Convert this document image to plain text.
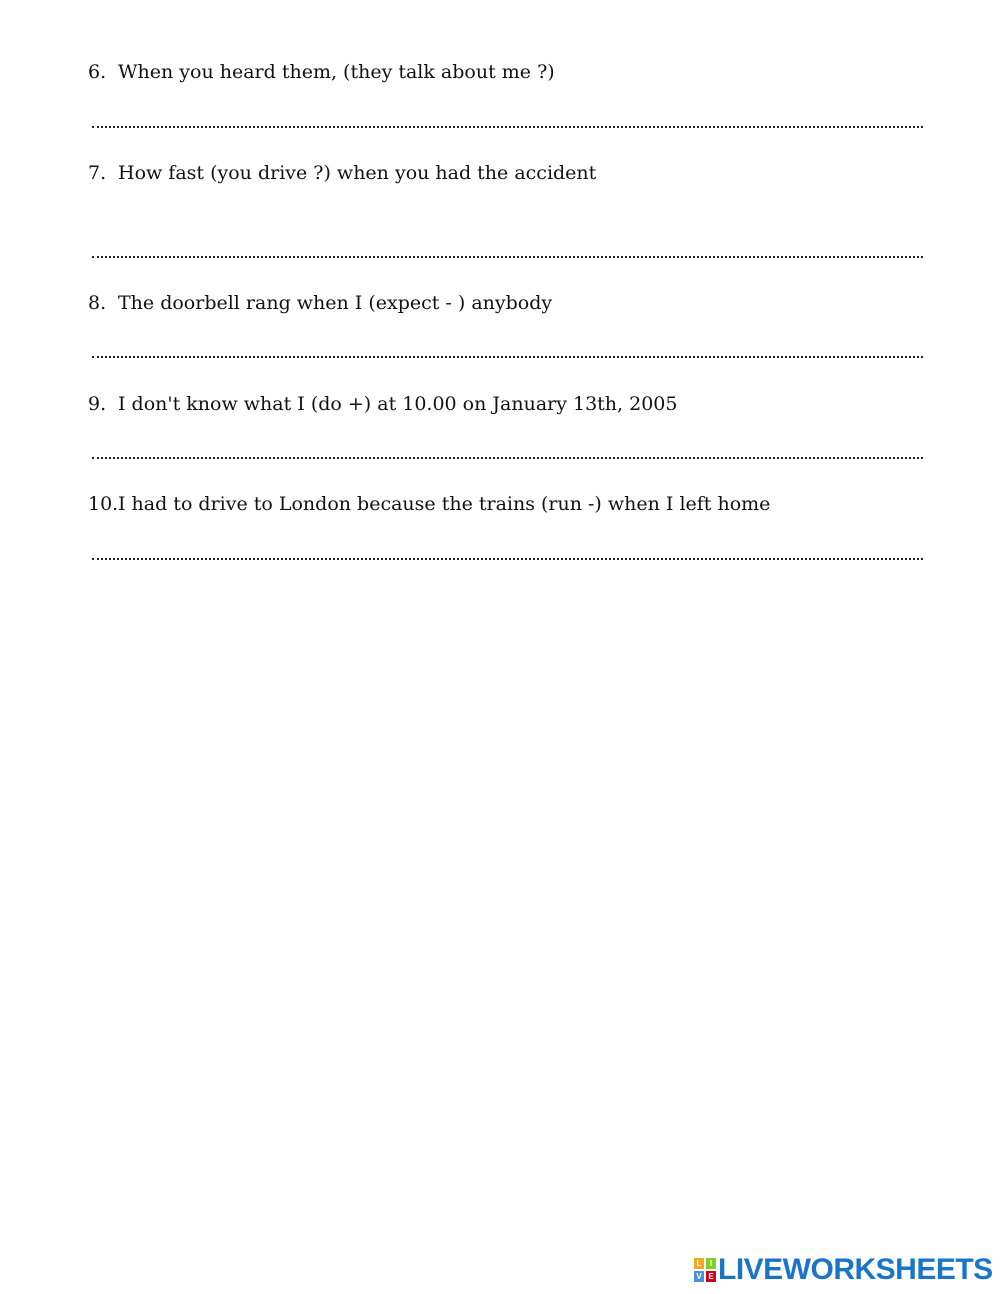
6. When you heard them, (they talk about me ?)
7. How fast (you drive ?) when you had the accident
8. The doorbell rang when I (expect - ) anybody
9. I don't know what I (do +) at 10.00 on January 13th, 2005
10. I had to drive to London because the trains (run -) when I left home
L	I
V E LIVEWORKSHEETS
